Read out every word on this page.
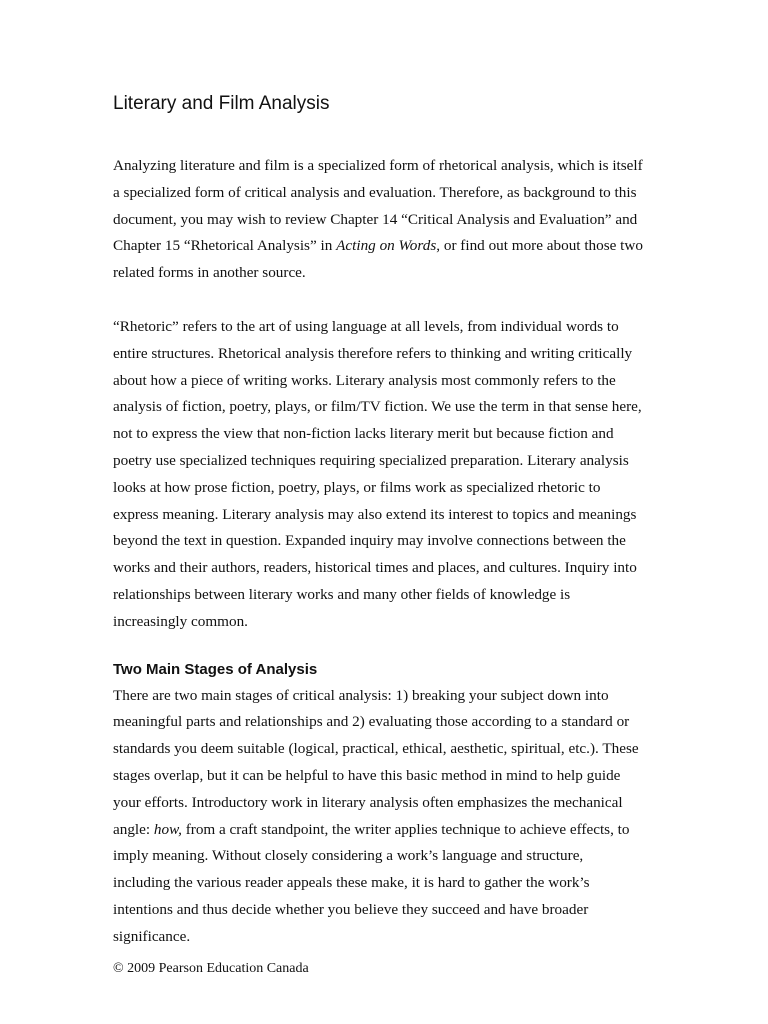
Literary and Film Analysis

Analyzing literature and film is a specialized form of rhetorical analysis, which is itself a specialized form of critical analysis and evaluation. Therefore, as background to this document, you may wish to review Chapter 14 “Critical Analysis and Evaluation” and Chapter 15 “Rhetorical Analysis” in Acting on Words, or find out more about those two related forms in another source.

“Rhetoric” refers to the art of using language at all levels, from individual words to entire structures. Rhetorical analysis therefore refers to thinking and writing critically about how a piece of writing works. Literary analysis most commonly refers to the analysis of fiction, poetry, plays, or film/TV fiction. We use the term in that sense here, not to express the view that non-fiction lacks literary merit but because fiction and poetry use specialized techniques requiring specialized preparation. Literary analysis looks at how prose fiction, poetry, plays, or films work as specialized rhetoric to express meaning. Literary analysis may also extend its interest to topics and meanings beyond the text in question. Expanded inquiry may involve connections between the works and their authors, readers, historical times and places, and cultures. Inquiry into relationships between literary works and many other fields of knowledge is increasingly common.

Two Main Stages of Analysis

There are two main stages of critical analysis: 1) breaking your subject down into meaningful parts and relationships and 2) evaluating those according to a standard or standards you deem suitable (logical, practical, ethical, aesthetic, spiritual, etc.). These stages overlap, but it can be helpful to have this basic method in mind to help guide your efforts. Introductory work in literary analysis often emphasizes the mechanical angle: how, from a craft standpoint, the writer applies technique to achieve effects, to imply meaning. Without closely considering a work’s language and structure, including the various reader appeals these make, it is hard to gather the work’s intentions and thus decide whether you believe they succeed and have broader significance.

© 2009 Pearson Education Canada
